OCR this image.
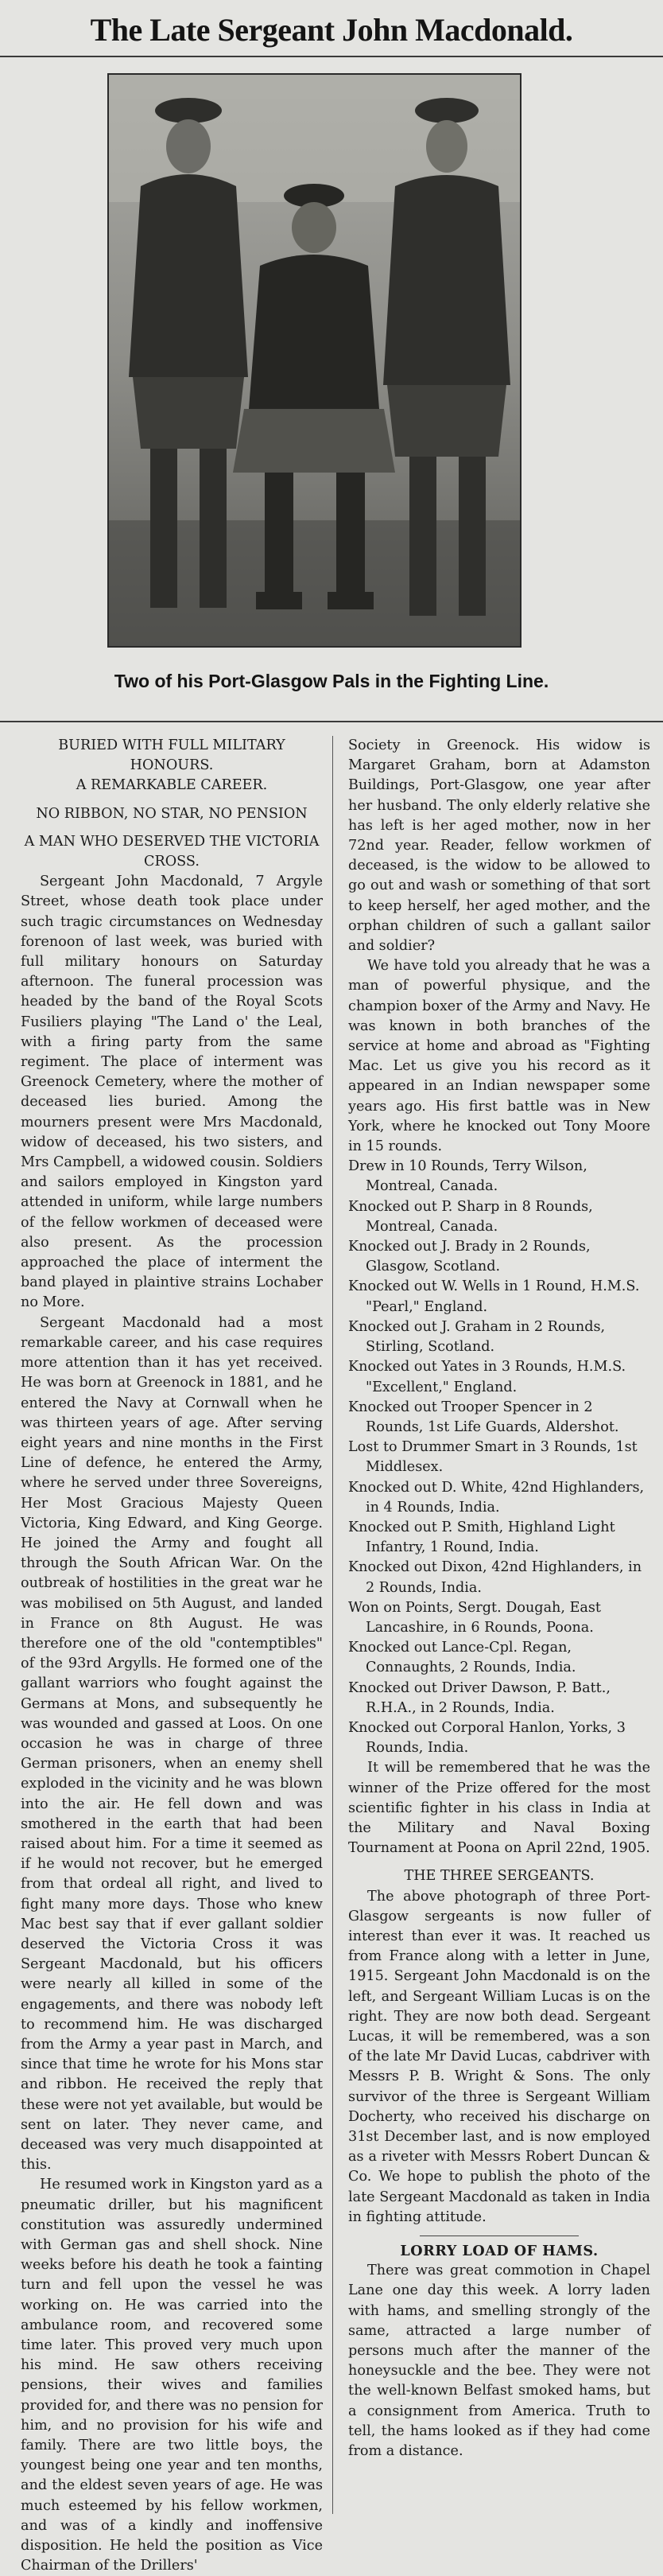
The Late Sergeant John Macdonald.
Two of his Port-Glasgow Pals in the Fighting Line.

BURIED WITH FULL MILITARY HONOURS.

A REMARKABLE CAREER.

NO RIBBON, NO STAR, NO PENSION

A MAN WHO DESERVED THE VICTORIA CROSS.

Sergeant John Macdonald, 7 Argyle Street, whose death took place under such tragic circumstances on Wednesday forenoon of last week, was buried with full military honours on Saturday afternoon. The funeral procession was headed by the band of the Royal Scots Fusiliers playing "The Land o' the Leal, with a firing party from the same regiment. The place of interment was Greenock Cemetery, where the mother of deceased lies buried. Among the mourners present were Mrs Macdonald, widow of deceased, his two sisters, and Mrs Campbell, a widowed cousin. Soldiers and sailors employed in Kingston yard attended in uniform, while large numbers of the fellow workmen of deceased were also present. As the procession approached the place of interment the band played in plaintive strains Lochaber no More.

Sergeant Macdonald had a most remarkable career, and his case requires more attention than it has yet received. He was born at Greenock in 1881, and he entered the Navy at Cornwall when he was thirteen years of age. After serving eight years and nine months in the First Line of defence, he entered the Army, where he served under three Sovereigns, Her Most Gracious Majesty Queen Victoria, King Edward, and King George. He joined the Army and fought all through the South African War. On the outbreak of hostilities in the great war he was mobilised on 5th August, and landed in France on 8th August. He was therefore one of the old "contemptibles" of the 93rd Argylls. He formed one of the gallant warriors who fought against the Germans at Mons, and subsequently he was wounded and gassed at Loos. On one occasion he was in charge of three German prisoners, when an enemy shell exploded in the vicinity and he was blown into the air. He fell down and was smothered in the earth that had been raised about him. For a time it seemed as if he would not recover, but he emerged from that ordeal all right, and lived to fight many more days. Those who knew Mac best say that if ever gallant soldier deserved the Victoria Cross it was Sergeant Macdonald, but his officers were nearly all killed in some of the engagements, and there was nobody left to recommend him. He was discharged from the Army a year past in March, and since that time he wrote for his Mons star and ribbon. He received the reply that these were not yet available, but would be sent on later. They never came, and deceased was very much disappointed at this.

He resumed work in Kingston yard as a pneumatic driller, but his magnificent constitution was assuredly undermined with German gas and shell shock. Nine weeks before his death he took a fainting turn and fell upon the vessel he was working on. He was carried into the ambulance room, and recovered some time later. This proved very much upon his mind. He saw others receiving pensions, their wives and families provided for, and there was no pension for him, and no provision for his wife and family. There are two little boys, the youngest being one year and ten months, and the eldest seven years of age. He was much esteemed by his fellow workmen, and was of a kindly and inoffensive disposition. He held the position as Vice Chairman of the Drillers'

Society in Greenock. His widow is Margaret Graham, born at Adamston Buildings, Port-Glasgow, one year after her husband. The only elderly relative she has left is her aged mother, now in her 72nd year. Reader, fellow workmen of deceased, is the widow to be allowed to go out and wash or something of that sort to keep herself, her aged mother, and the orphan children of such a gallant sailor and soldier?

We have told you already that he was a man of powerful physique, and the champion boxer of the Army and Navy. He was known in both branches of the service at home and abroad as "Fighting Mac. Let us give you his record as it appeared in an Indian newspaper some years ago. His first battle was in New York, where he knocked out Tony Moore in 15 rounds.

Drew in 10 Rounds, Terry Wilson, Montreal, Canada.

Knocked out P. Sharp in 8 Rounds, Montreal, Canada.

Knocked out J. Brady in 2 Rounds, Glasgow, Scotland.

Knocked out W. Wells in 1 Round, H.M.S. "Pearl," England.

Knocked out J. Graham in 2 Rounds, Stirling, Scotland.

Knocked out Yates in 3 Rounds, H.M.S. "Excellent," England.

Knocked out Trooper Spencer in 2 Rounds, 1st Life Guards, Aldershot.

Lost to Drummer Smart in 3 Rounds, 1st Middlesex.

Knocked out D. White, 42nd Highlanders, in 4 Rounds, India.

Knocked out P. Smith, Highland Light Infantry, 1 Round, India.

Knocked out Dixon, 42nd Highlanders, in 2 Rounds, India.

Won on Points, Sergt. Dougah, East Lancashire, in 6 Rounds, Poona.

Knocked out Lance-Cpl. Regan, Connaughts, 2 Rounds, India.

Knocked out Driver Dawson, P. Batt., R.H.A., in 2 Rounds, India.

Knocked out Corporal Hanlon, Yorks, 3 Rounds, India.

It will be remembered that he was the winner of the Prize offered for the most scientific fighter in his class in India at the Military and Naval Boxing Tournament at Poona on April 22nd, 1905.

THE THREE SERGEANTS.

The above photograph of three Port-Glasgow sergeants is now fuller of interest than ever it was. It reached us from France along with a letter in June, 1915. Sergeant John Macdonald is on the left, and Sergeant William Lucas is on the right. They are now both dead. Sergeant Lucas, it will be remembered, was a son of the late Mr David Lucas, cabdriver with Messrs P. B. Wright & Sons. The only survivor of the three is Sergeant William Docherty, who received his discharge on 31st December last, and is now employed as a riveter with Messrs Robert Duncan & Co. We hope to publish the photo of the late Sergeant Macdonald as taken in India in fighting attitude.

LORRY LOAD OF HAMS.

There was great commotion in Chapel Lane one day this week. A lorry laden with hams, and smelling strongly of the same, attracted a large number of persons much after the manner of the honeysuckle and the bee. They were not the well-known Belfast smoked hams, but a consignment from America. Truth to tell, the hams looked as if they had come from a distance.
